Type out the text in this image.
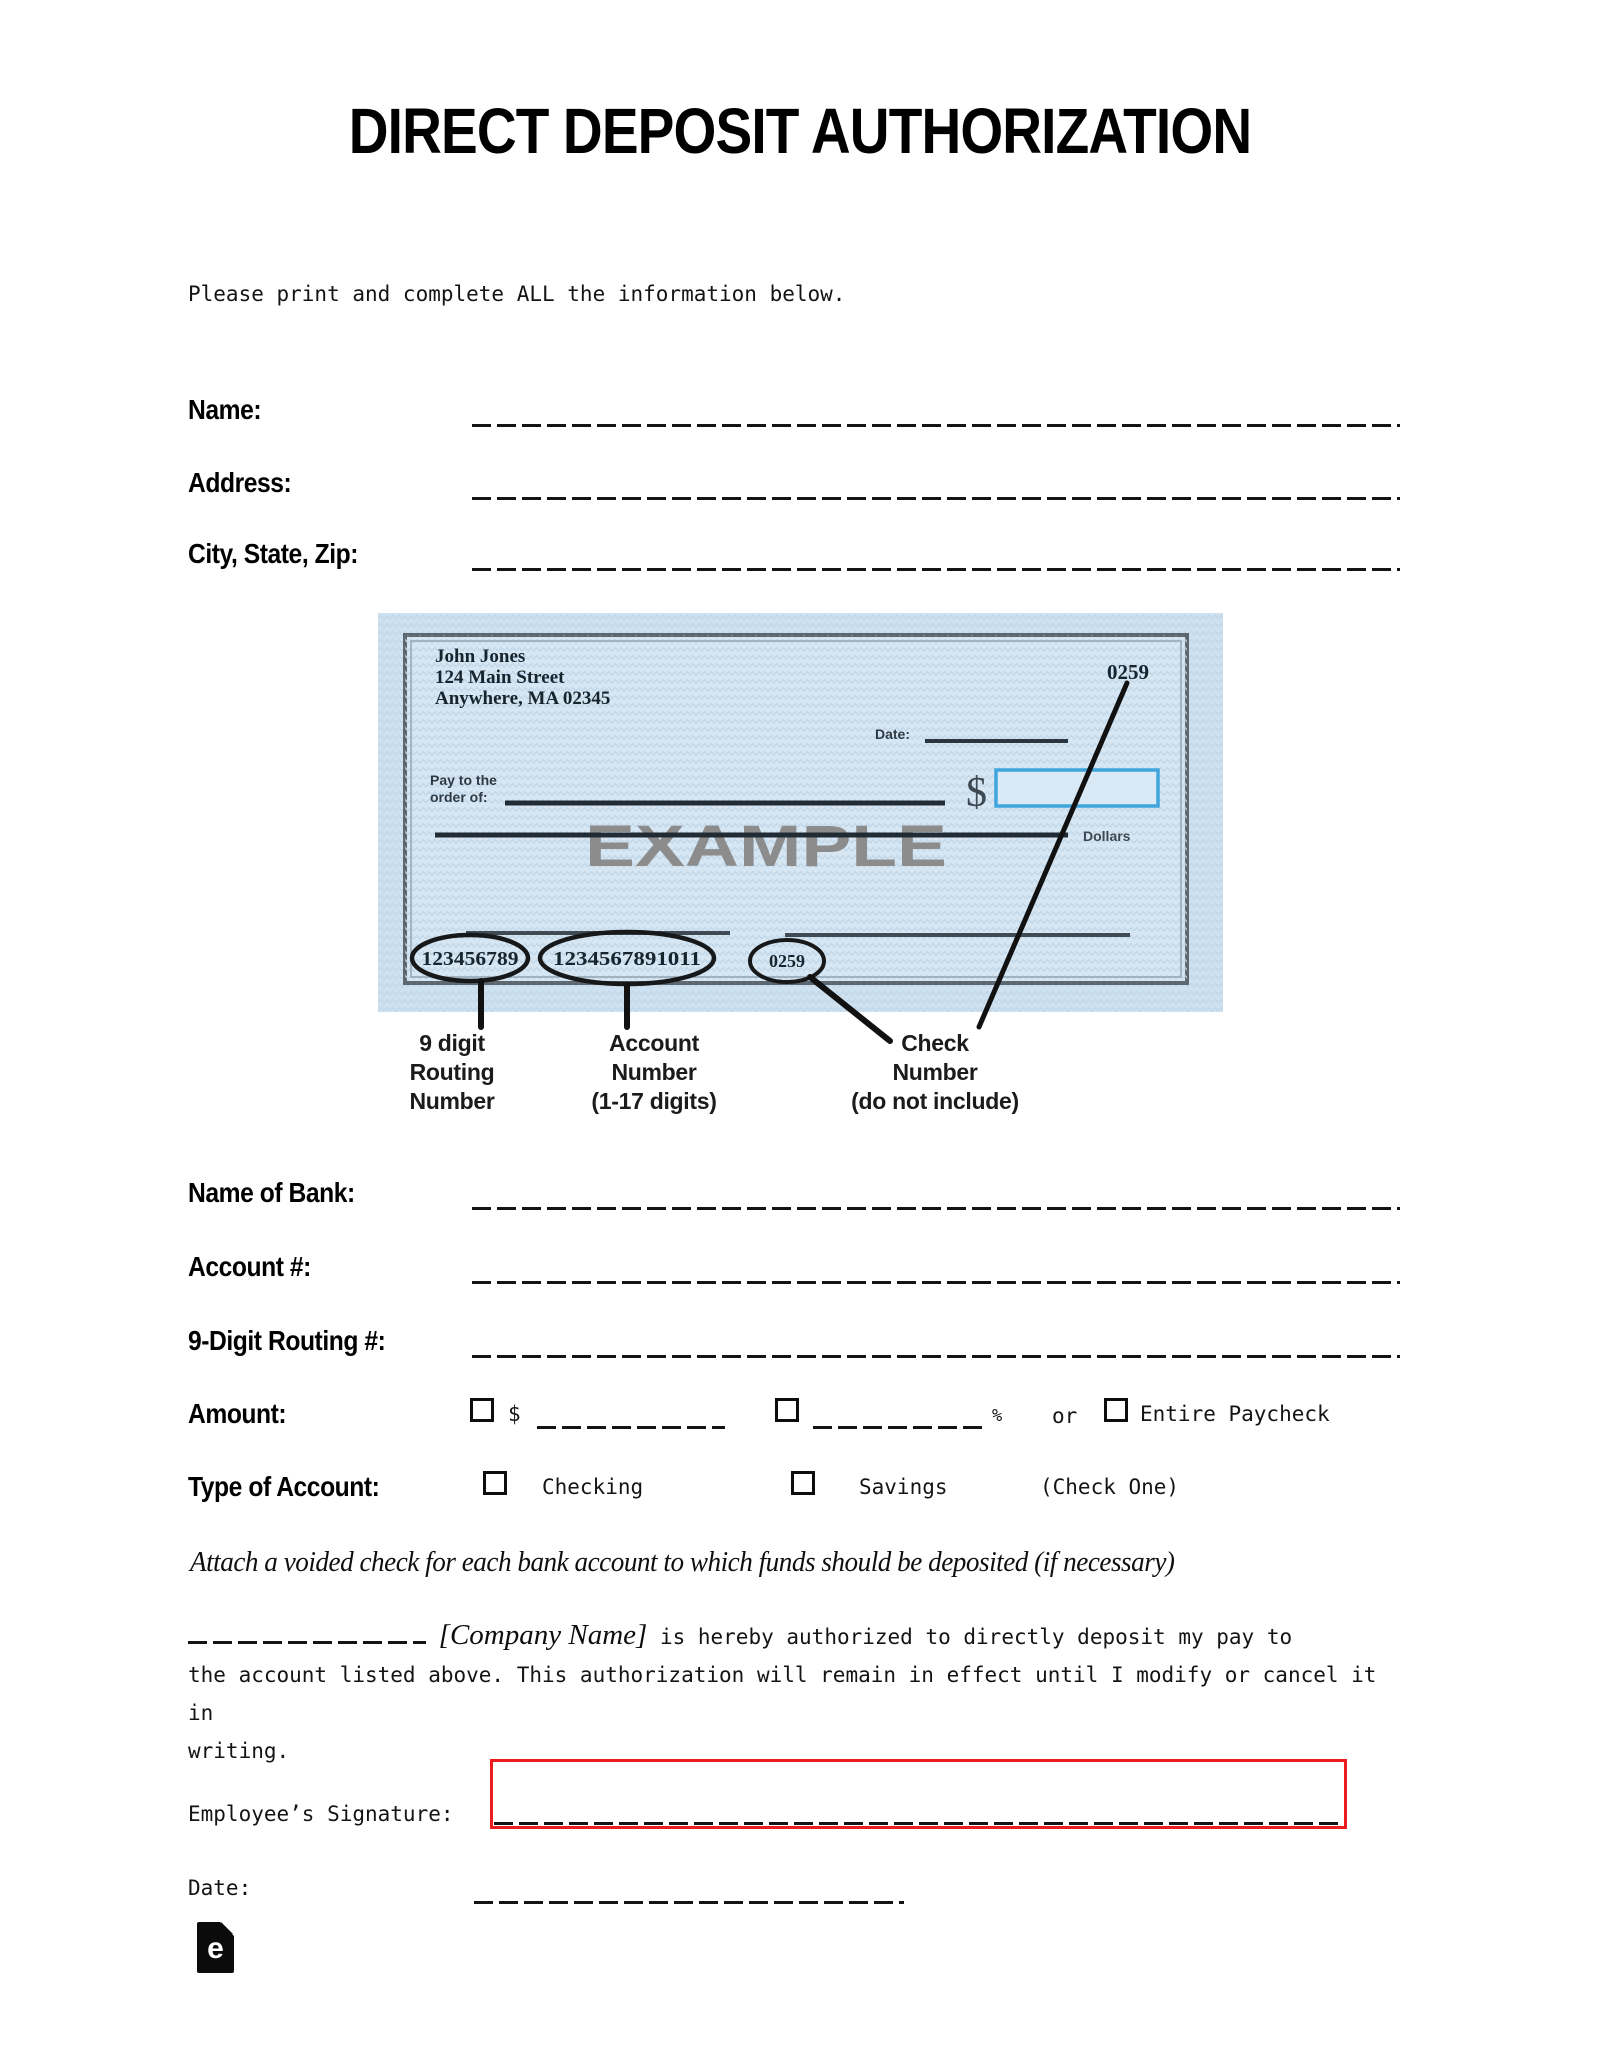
DIRECT DEPOSIT AUTHORIZATION
Please print and complete ALL the information below.
Name:
Address:
City, State, Zip:
John Jones
124 Main Street
Anywhere, MA 02345
0259
Date:
Pay to the
order of:	$
EXAMPLE	Dollars
123456789 1234567891011	0259
9 digit
Routing
Number
Account
Number
(1-17 digits)
Check
Number
(do not include)
Name of Bank:
Account #:
9-Digit Routing #:
Amount:	$	% or	Entire Paycheck
Type of Account:	Checking	Savings	(Check One)
Attach a voided check for each bank account to which funds should be deposited (if necessary)
[Company Name] is hereby authorized to directly deposit my pay to
the account listed above. This authorization will remain in effect until I modify or cancel it in
writing.
Employee’s Signature:
Date:
e
